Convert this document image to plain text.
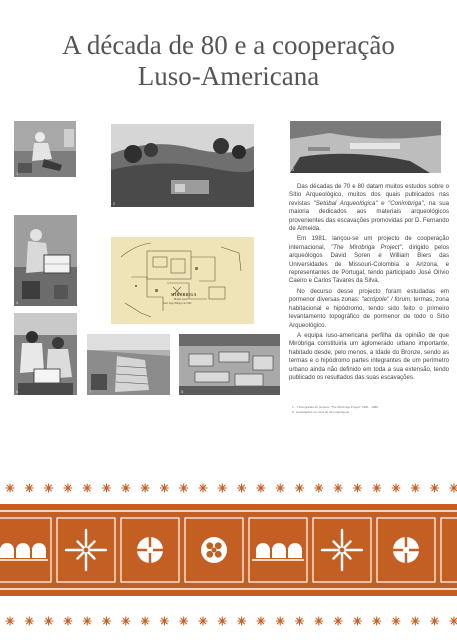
A década de 80 e a cooperação
Luso-Americana
1
2
3
4
MIROBRIGA
Planta Geral
Sant. Irago Burgos de 1982
5
6	7	8

Das décadas de 70 e 80 datam muitos estudos sobre o Sítio Arqueológico, muitos dos quais publicados nas revistas "Setúbal Arqueológica" e "Conimbriga", na sua maioria dedicados aos materiais arqueológicos provenientes das escavações promovidas por D. Fernando de Almeida.

Em 1981, lançou-se um projecto de cooperação internacional, "The Mirobriga Project", dirigido pelos arqueólogos David Soren e William Biers das Universidades de Missouri-Colombia e Arizona, e representantes de Portugal, tendo participado José Olívio Caeiro e Carlos Tavares da Silva.

No decurso desse projecto foram estudadas em pormenor diversas zonas: "acrópole" / forum, termas, zona habitacional e hipódromo, tendo sido feito o primeiro levantamento topográfico de pormenor de todo o Sítio Arqueológico.

A equipa luso-americana perfilha da opinião de que Miróbriga constituiria um aglomerado urbano importante, habitado desde, pelo menos, a Idade do Bronze, sendo as termas e o hipódromo partes integrantes de um perímetro urbano ainda não definido em toda a sua extensão, tendo publicado os resultados das suas escavações.

1 - 7 Fotografias do projecto "The Mirobriga Project" 1981 - 1986
8 - Escavações na zona do forum/acrópole
